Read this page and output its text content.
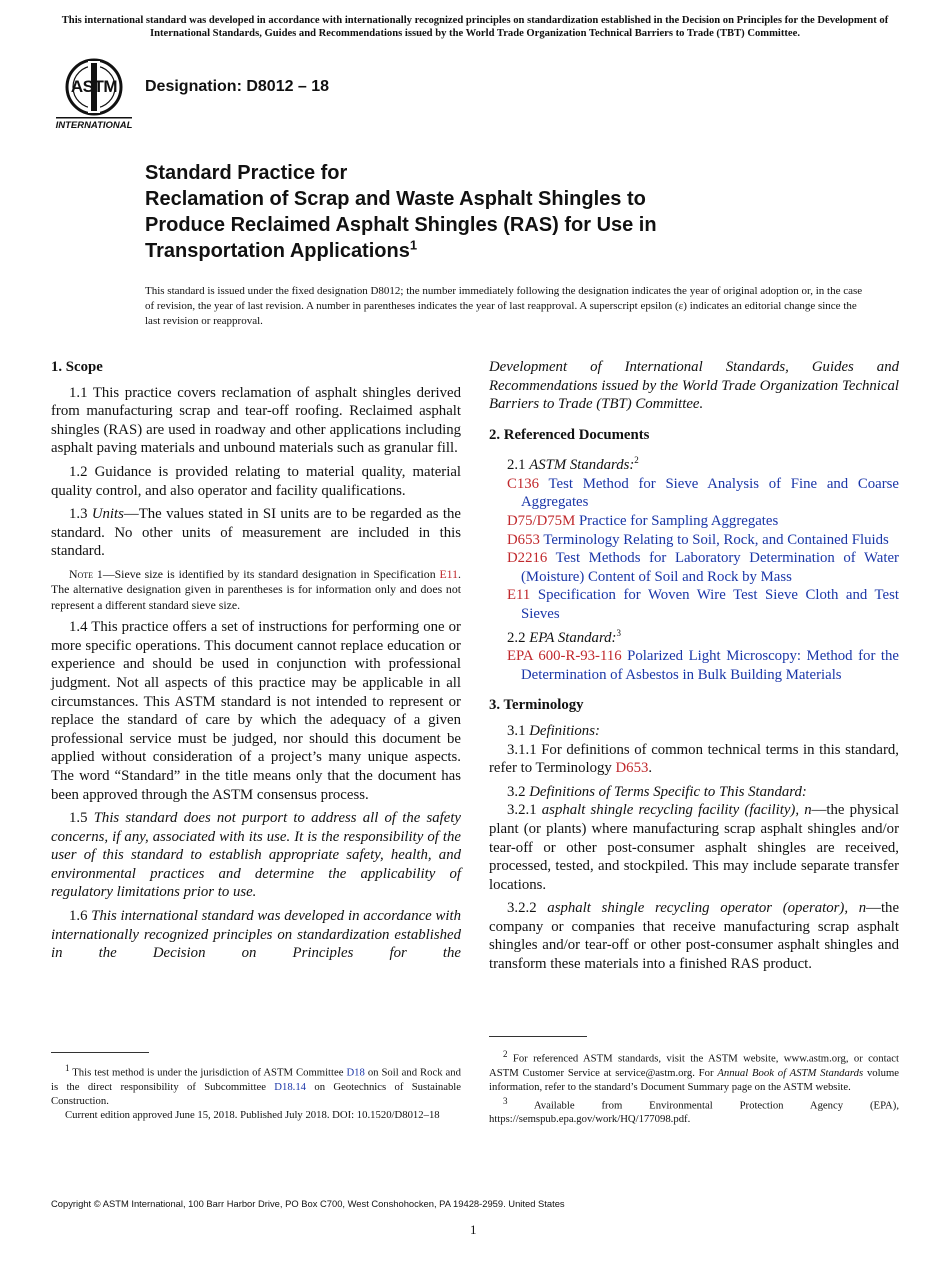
This international standard was developed in accordance with internationally recognized principles on standardization established in the Decision on Principles for the Development of International Standards, Guides and Recommendations issued by the World Trade Organization Technical Barriers to Trade (TBT) Committee.
ASTM
INTERNATIONAL
Designation: D8012 – 18
Standard Practice for
Reclamation of Scrap and Waste Asphalt Shingles to
Produce Reclaimed Asphalt Shingles (RAS) for Use in
Transportation Applications$^1$
This standard is issued under the fixed designation D8012; the number immediately following the designation indicates the year of original adoption or, in the case of revision, the year of last revision. A number in parentheses indicates the year of last reapproval. A superscript epsilon (ε) indicates an editorial change since the last revision or reapproval.
1. Scope

1.1 This practice covers reclamation of asphalt shingles derived from manufacturing scrap and tear-off roofing. Reclaimed asphalt shingles (RAS) are used in roadway and other applications including asphalt paving materials and unbound materials such as granular fill.

1.2 Guidance is provided relating to material quality, material quality control, and also operator and facility qualifications.

1.3 Units—The values stated in SI units are to be regarded as the standard. No other units of measurement are included in this standard.

Note 1—Sieve size is identified by its standard designation in Specification E11. The alternative designation given in parentheses is for information only and does not represent a different standard sieve size.

1.4 This practice offers a set of instructions for performing one or more specific operations. This document cannot replace education or experience and should be used in conjunction with professional judgment. Not all aspects of this practice may be applicable in all circumstances. This ASTM standard is not intended to represent or replace the standard of care by which the adequacy of a given professional service must be judged, nor should this document be applied without consideration of a project’s many unique aspects. The word “Standard” in the title means only that the document has been approved through the ASTM consensus process.

1.5 This standard does not purport to address all of the safety concerns, if any, associated with its use. It is the responsibility of the user of this standard to establish appropriate safety, health, and environmental practices and determine the applicability of regulatory limitations prior to use.

1.6 This international standard was developed in accordance with internationally recognized principles on standardization established in the Decision on Principles for the

$^1$ This test method is under the jurisdiction of ASTM Committee D18 on Soil and Rock and is the direct responsibility of Subcommittee D18.14 on Geotechnics of Sustainable Construction.
Current edition approved June 15, 2018. Published July 2018. DOI: 10.1520/D8012–18

Development of International Standards, Guides and Recommendations issued by the World Trade Organization Technical Barriers to Trade (TBT) Committee.

2. Referenced Documents
2.1 ASTM Standards:$^2$
C136 Test Method for Sieve Analysis of Fine and Coarse Aggregates
D75/D75M Practice for Sampling Aggregates
D653 Terminology Relating to Soil, Rock, and Contained Fluids
D2216 Test Methods for Laboratory Determination of Water (Moisture) Content of Soil and Rock by Mass
E11 Specification for Woven Wire Test Sieve Cloth and Test Sieves
2.2 EPA Standard:$^3$
EPA 600-R-93-116 Polarized Light Microscopy: Method for the Determination of Asbestos in Bulk Building Materials
3. Terminology
3.1 Definitions:

3.1.1 For definitions of common technical terms in this standard, refer to Terminology D653.

3.2 Definitions of Terms Specific to This Standard:

3.2.1 asphalt shingle recycling facility (facility), n—the physical plant (or plants) where manufacturing scrap asphalt shingles and/or tear-off or other post-consumer asphalt shingles are received, processed, tested, and stockpiled. This may include separate transfer locations.

3.2.2 asphalt shingle recycling operator (operator), n—the company or companies that receive manufacturing scrap asphalt shingles and/or tear-off or other post-consumer asphalt shingles and transform these materials into a finished RAS product.

$^2$ For referenced ASTM standards, visit the ASTM website, www.astm.org, or contact ASTM Customer Service at service@astm.org. For Annual Book of ASTM Standards volume information, refer to the standard’s Document Summary page on the ASTM website.
$^3$ Available from Environmental Protection Agency (EPA), https://semspub.epa.gov/work/HQ/177098.pdf.
Copyright © ASTM International, 100 Barr Harbor Drive, PO Box C700, West Conshohocken, PA 19428-2959. United States
1
